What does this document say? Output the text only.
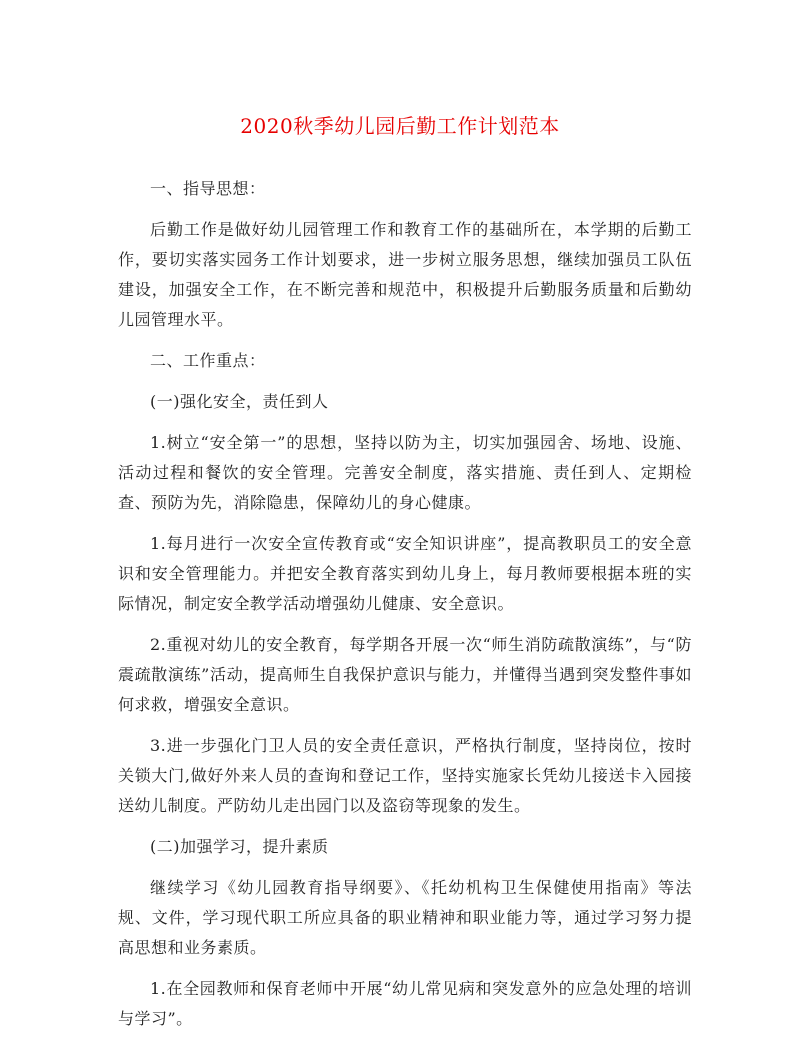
2020秋季幼儿园后勤工作计划范本

一、指导思想：

后勤工作是做好幼儿园管理工作和教育工作的基础所在，本学期的后勤工作，要切实落实园务工作计划要求，进一步树立服务思想，继续加强员工队伍建设，加强安全工作，在不断完善和规范中，积极提升后勤服务质量和后勤幼儿园管理水平。

二、工作重点：

(一)强化安全，责任到人

1.树立“安全第一”的思想，坚持以防为主，切实加强园舍、场地、设施、活动过程和餐饮的安全管理。完善安全制度，落实措施、责任到人、定期检查、预防为先，消除隐患，保障幼儿的身心健康。

1.每月进行一次安全宣传教育或“安全知识讲座”，提高教职员工的安全意识和安全管理能力。并把安全教育落实到幼儿身上，每月教师要根据本班的实际情况，制定安全教学活动增强幼儿健康、安全意识。

2.重视对幼儿的安全教育，每学期各开展一次“师生消防疏散演练”，与“防震疏散演练”活动，提高师生自我保护意识与能力，并懂得当遇到突发整件事如何求救，增强安全意识。

3.进一步强化门卫人员的安全责任意识，严格执行制度，坚持岗位，按时关锁大门,做好外来人员的查询和登记工作，坚持实施家长凭幼儿接送卡入园接送幼儿制度。严防幼儿走出园门以及盗窃等现象的发生。

(二)加强学习，提升素质

继续学习《幼儿园教育指导纲要》、《托幼机构卫生保健使用指南》等法规、文件，学习现代职工所应具备的职业精神和职业能力等，通过学习努力提高思想和业务素质。

1.在全园教师和保育老师中开展“幼儿常见病和突发意外的应急处理的培训与学习”。
